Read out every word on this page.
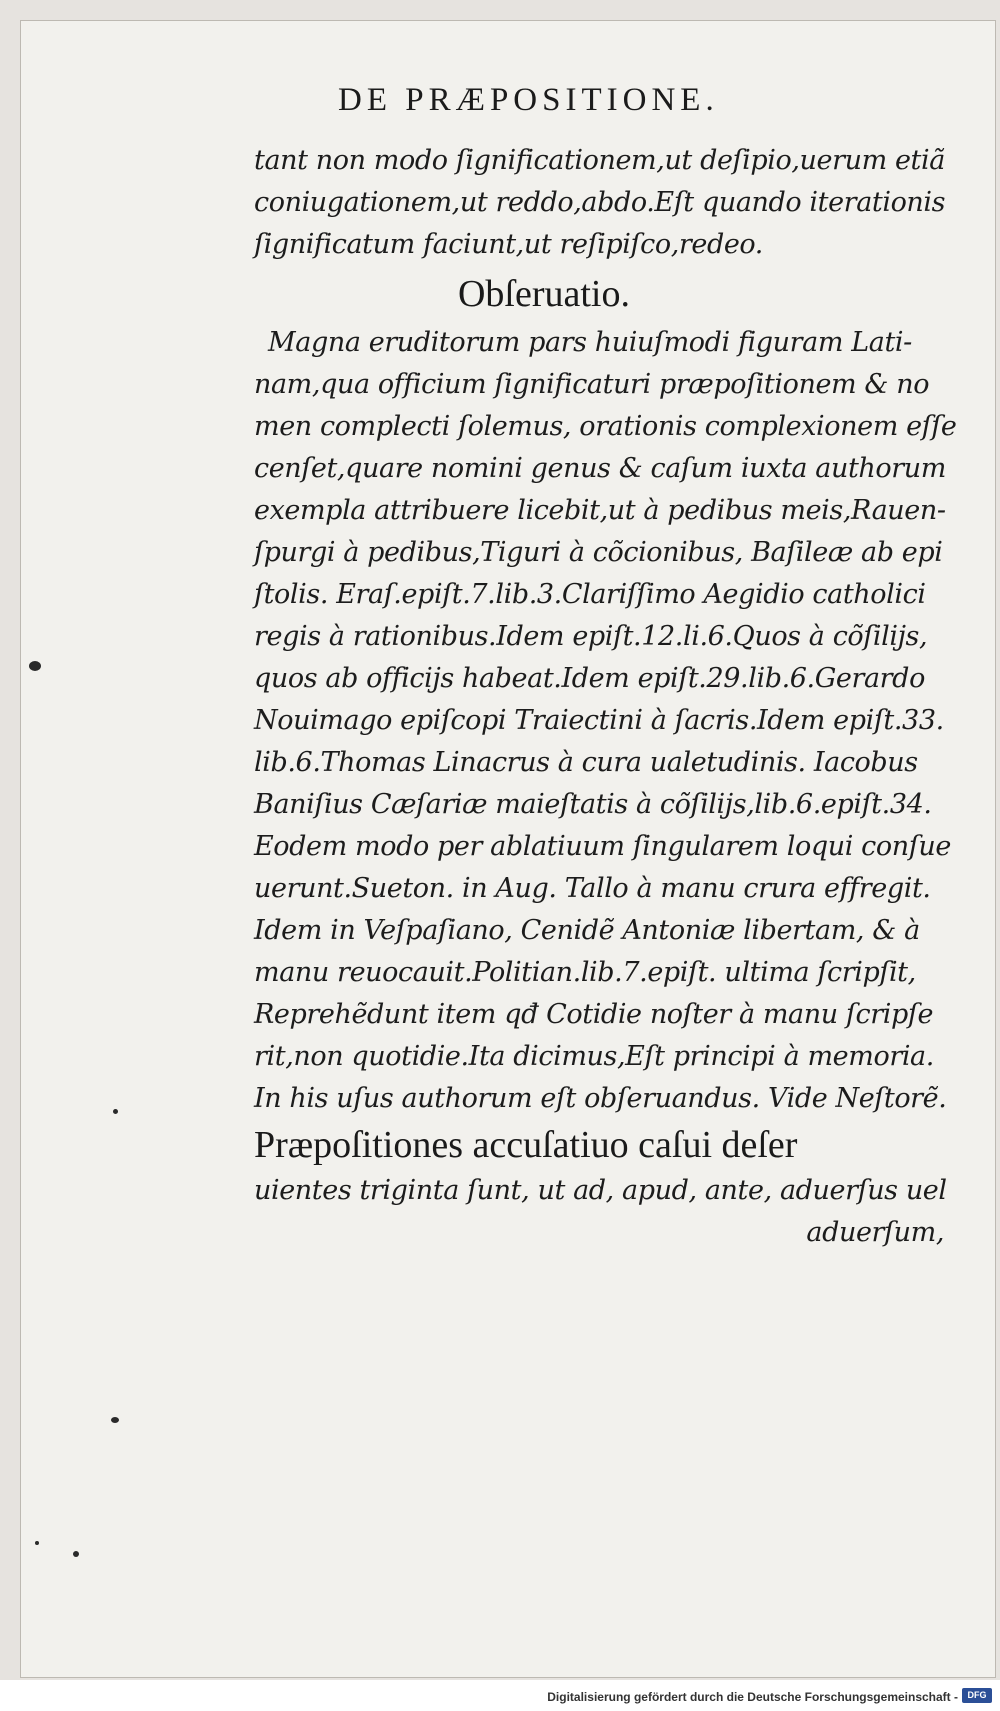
DE PRÆPOSITIONE.
tant non modo ſignificationem,ut deſipio,uerum etiã
coniugationem,ut reddo,abdo.Eſt quando iterationis
ſignificatum faciunt,ut reſipiſco,redeo.
Obſeruatio.
Magna eruditorum pars huiuſmodi figuram Lati-
nam,qua officium ſignificaturi præpoſitionem & no
men complecti ſolemus, orationis complexionem eſſe
cenſet,quare nomini genus & caſum iuxta authorum
exempla attribuere licebit,ut à pedibus meis,Rauen-
ſpurgi à pedibus,Tiguri à cõcionibus, Baſileæ ab epi
ſtolis. Eraſ.epiſt.7.lib.3.Clariſſimo Aegidio catholici
regis à rationibus.Idem epiſt.12.li.6.Quos à cõſilijs,
quos ab officijs habeat.Idem epiſt.29.lib.6.Gerardo
Nouimago epiſcopi Traiectini à ſacris.Idem epiſt.33.
lib.6.Thomas Linacrus à cura ualetudinis. Iacobus
Baniſius Cæſariæ maieſtatis à cõſilijs,lib.6.epiſt.34.
Eodem modo per ablatiuum ſingularem loqui conſue
uerunt.Sueton. in Aug. Tallo à manu crura effregit.
Idem in Veſpaſiano, Cenidẽ Antoniæ libertam, & à
manu reuocauit.Politian.lib.7.epiſt. ultima ſcripſit,
Reprehẽdunt item qđ Cotidie noſter à manu ſcripſe
rit,non quotidie.Ita dicimus,Eſt principi à memoria.
In his uſus authorum eſt obſeruandus. Vide Neſtorẽ.
Præpoſitiones accuſatiuo caſui deſer
uientes triginta ſunt, ut ad, apud, ante, aduerſus uel
aduerſum,
Digitalisierung gefördert durch die Deutsche Forschungsgemeinschaft -	DFG
